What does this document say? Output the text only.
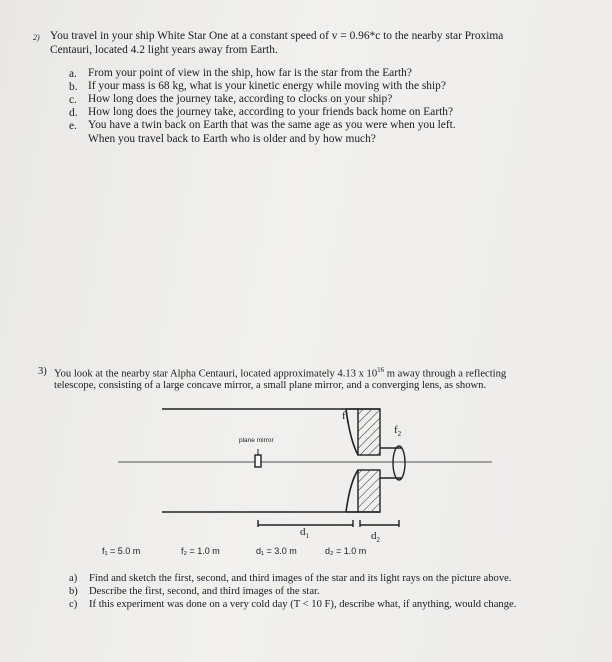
2) You travel in your ship White Star One at a constant speed of v = 0.96*c to the nearby star Proxima
Centauri, located 4.2 light years away from Earth.
a. From your point of view in the ship, how far is the star from the Earth?
b. If your mass is 68 kg, what is your kinetic energy while moving with the ship?
c. How long does the journey take, according to clocks on your ship?
d. How long does the journey take, according to your friends back home on Earth?
e. You have a twin back on Earth that was the same age as you were when you left.
When you travel back to Earth who is older and by how much?
3) You look at the nearby star Alpha Centauri, located approximately 4.13 x $10^{16}$ m away through a reflecting
telescope, consisting of a large concave mirror, a small plane mirror, and a converging lens, as shown.
plane mirror
$f_1$
$f_2$
$d_1$	$d_2$
f₁ = 5.0 m	f₂ = 1.0 m	d₁ = 3.0 m	d₂ = 1.0 m
a) Find and sketch the first, second, and third images of the star and its light rays on the picture above.
b) Describe the first, second, and third images of the star.
c) If this experiment was done on a very cold day (T < 10 F), describe what, if anything, would change.
